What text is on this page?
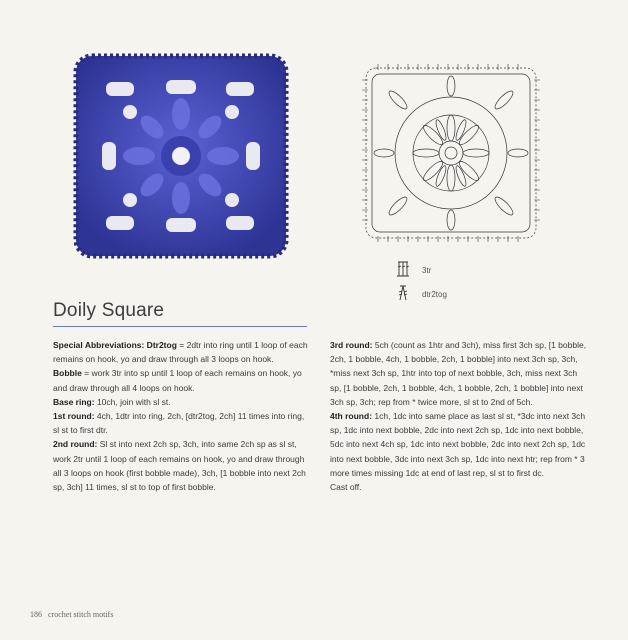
3tr
dtr2tog
Doily Square

Special Abbreviations: Dtr2tog = 2dtr into ring until 1 loop of each remains on hook, yo and draw through all 3 loops on hook.

Bobble = work 3tr into sp until 1 loop of each remains on hook, yo and draw through all 4 loops on hook.

Base ring: 10ch, join with sl st.

1st round: 4ch, 1dtr into ring, 2ch, [dtr2tog, 2ch] 11 times into ring, sl st to first dtr.

2nd round: Sl st into next 2ch sp, 3ch, into same 2ch sp as sl st, work 2tr until 1 loop of each remains on hook, yo and draw through all 3 loops on hook (first bobble made), 3ch, [1 bobble into next 2ch sp, 3ch] 11 times, sl st to top of first bobble.

3rd round: 5ch (count as 1htr and 3ch), miss first 3ch sp, [1 bobble, 2ch, 1 bobble, 4ch, 1 bobble, 2ch, 1 bobble] into next 3ch sp, 3ch, *miss next 3ch sp, 1htr into top of next bobble, 3ch, miss next 3ch sp, [1 bobble, 2ch, 1 bobble, 4ch, 1 bobble, 2ch, 1 bobble] into next 3ch sp, 3ch; rep from * twice more, sl st to 2nd of 5ch.

4th round: 1ch, 1dc into same place as last sl st, *3dc into next 3ch sp, 1dc into next bobble, 2dc into next 2ch sp, 1dc into next bobble, 5dc into next 4ch sp, 1dc into next bobble, 2dc into next 2ch sp, 1dc into next bobble, 3dc into next 3ch sp, 1dc into next htr; rep from * 3 more times missing 1dc at end of last rep, sl st to first dc.

Cast off.

186 crochet stitch motifs
